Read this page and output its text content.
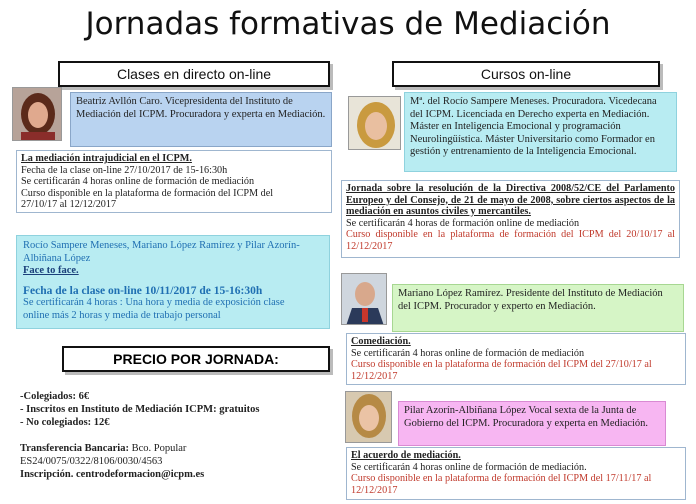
Jornadas formativas de Mediación
Clases en directo on-line	Cursos on-line
Beatriz Avllón Caro. Vicepresidenta del Instituto de Mediación del ICPM. Procuradora y experta en Mediación.
La mediación intrajudicial en el ICPM.
Fecha de la clase on-line 27/10/2017 de 15-16:30h
Se certificarán 4 horas online de formación de mediación
Curso disponible en la plataforma de formación del ICPM del
27/10/17 al 12/12/2017
Rocío Sampere Meneses, Mariano López Ramírez y Pilar Azorín-Albiñana López
Face to face.
Fecha de la clase on-line 10/11/2017 de 15-16:30h
Se certificarán 4 horas : Una hora y media de exposición clase
online más 2 horas y media de trabajo personal
PRECIO POR JORNADA:
-Colegiados: 6€
- Inscritos en Instituto de Mediación ICPM: gratuitos
- No colegiados: 12€
Transferencia Bancaria: Bco. Popular
ES24/0075/0322/8106/0030/4563
Inscripción. centrodeformacion@icpm.es
Mª. del Rocío Sampere Meneses. Procuradora. Vicedecana del ICPM. Licenciada en Derecho experta en Mediación. Máster en Inteligencia Emocional y programación Neurolingüística. Máster Universitario como Formador en gestión y entrenamiento de la Inteligencia Emocional.
Jornada sobre la resolución de la Directiva 2008/52/CE del Parlamento Europeo y del Consejo, de 21 de mayo de 2008, sobre ciertos aspectos de la mediación en asuntos civiles y mercantiles.
Se certificarán 4 horas de formación online de mediación
Curso disponible en la plataforma de formación del ICPM del 20/10/17 al 12/12/2017
Mariano López Ramírez. Presidente del Instituto de Mediación del ICPM. Procurador y experto en Mediación.
Comediación.
Se certificarán 4 horas online de formación de mediación
Curso disponible en la plataforma de formación del ICPM del 27/10/17 al 12/12/2017
Pilar Azorín-Albiñana López Vocal sexta de la Junta de Gobierno del ICPM. Procuradora y experta en Mediación.
El acuerdo de mediación.
Se certificarán 4 horas online de formación de mediación.
Curso disponible en la plataforma de formación del ICPM del 17/11/17 al 12/12/2017
